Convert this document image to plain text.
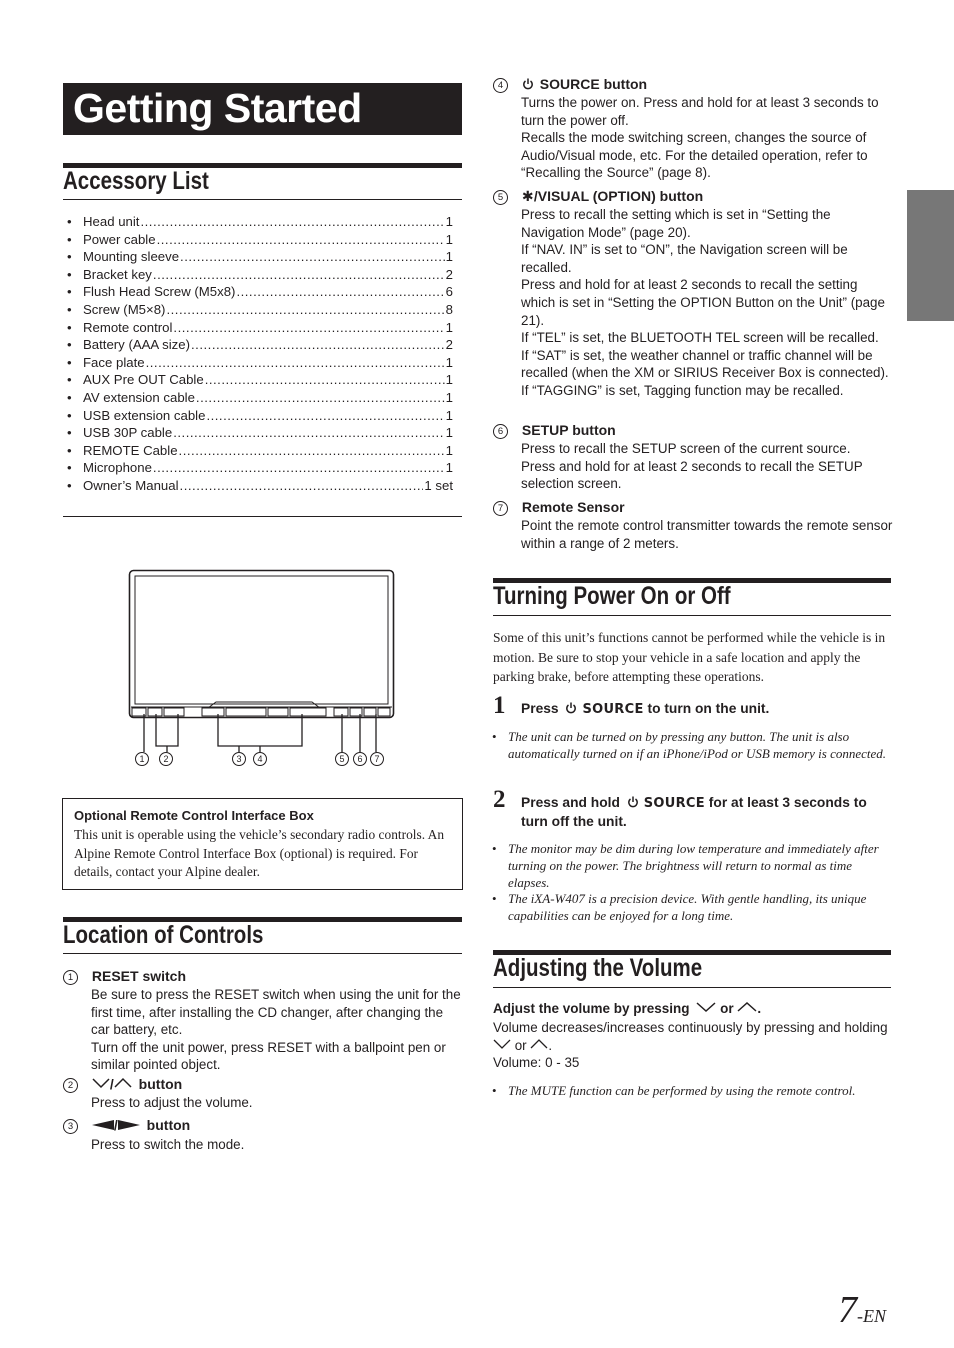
Getting Started
Accessory List
• Head unit .....	1
• Power cable .....	1
• Mounting sleeve .....	1
• Bracket key .....	2
• Flush Head Screw (M5x8) .....	6
• Screw (M5×8) .....	8
• Remote control .....	1
• Battery (AAA size) .....	2
• Face plate .....	1
• AUX Pre OUT Cable .....	1
• AV extension cable .....	1
• USB extension cable .....	1
• USB 30P cable .....	1
• REMOTE Cable .....	1
• Microphone .....	1
• Owner’s Manual .....	1 set
1 2	3 4	5 6 7
Optional Remote Control Interface Box
This unit is operable using the vehicle’s secondary radio controls. An Alpine Remote Control Interface Box (optional) is required. For details, contact your Alpine dealer.
Location of Controls
1 RESET switch
Be sure to press the RESET switch when using the unit for the first time, after installing the CD changer, after changing the car battery, etc.
Turn off the unit power, press RESET with a ballpoint pen or similar pointed object.
2	/ button
Press to adjust the volume.
3	/ button
Press to switch the mode.
4	SOURCE button
Turns the power on. Press and hold for at least 3 seconds to turn the power off.
Recalls the mode switching screen, changes the source of Audio/Visual mode, etc. For the detailed operation, refer to “Recalling the Source” (page 8).
5 ✱/VISUAL (OPTION) button
Press to recall the setting which is set in “Setting the Navigation Mode” (page 20).
If “NAV. IN” is set to “ON”, the Navigation screen will be recalled.
Press and hold for at least 2 seconds to recall the setting which is set in “Setting the OPTION Button on the Unit” (page 21).
If “TEL” is set, the BLUETOOTH TEL screen will be recalled.
If “SAT” is set, the weather channel or traffic channel will be recalled (when the XM or SIRIUS Receiver Box is connected).
If “TAGGING” is set, Tagging function may be recalled.
6 SETUP button
Press to recall the SETUP screen of the current source.
Press and hold for at least 2 seconds to recall the SETUP selection screen.
7 Remote Sensor
Point the remote control transmitter towards the remote sensor within a range of 2 meters.
Turning Power On or Off
Some of this unit’s functions cannot be performed while the vehicle is in motion. Be sure to stop your vehicle in a safe location and apply the parking brake, before attempting these operations.
1 Press SOURCE to turn on the unit.
• The unit can be turned on by pressing any button. The unit is also automatically turned on if an iPhone/iPod or USB memory is connected.
2 Press and hold SOURCE for at least 3 seconds to turn off the unit.
• The monitor may be dim during low temperature and immediately after turning on the power. The brightness will return to normal as time elapses.
• The iXA-W407 is a precision device. With gentle handling, its unique capabilities can be enjoyed for a long time.
Adjusting the Volume
Adjust the volume by pressing or .
Volume decreases/increases continuously by pressing and holding  or .
Volume: 0 - 35
• The MUTE function can be performed by using the remote control.
7-EN
